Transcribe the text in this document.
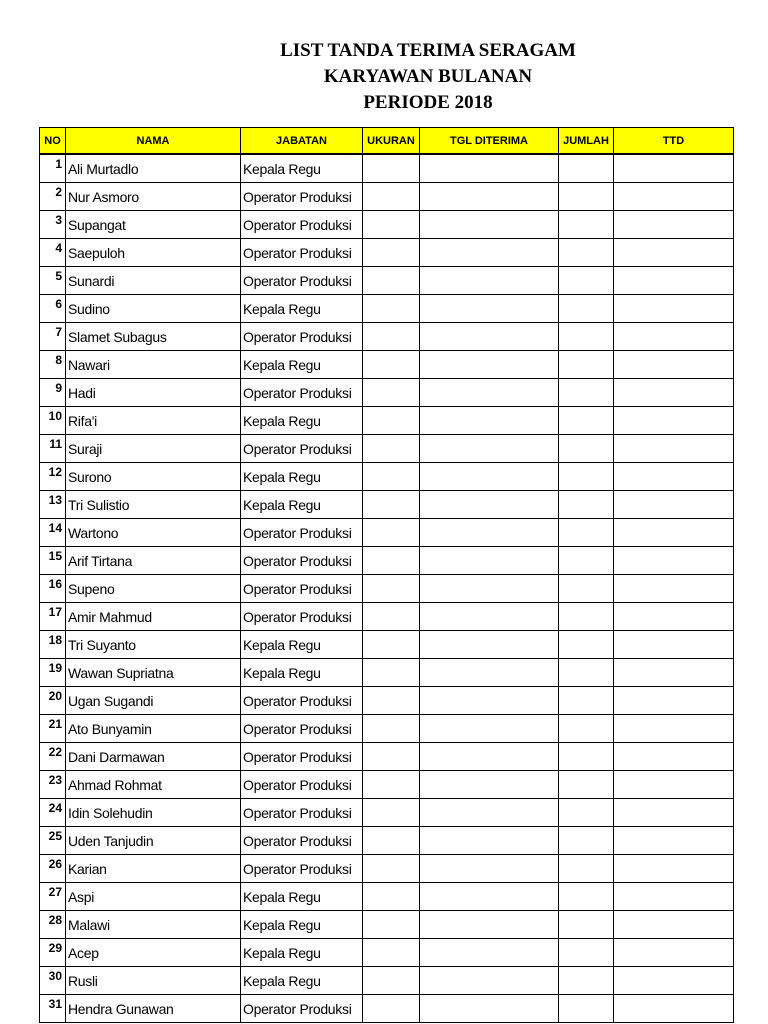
LIST TANDA TERIMA SERAGAM
KARYAWAN BULANAN
PERIODE 2018
NO	NAMA	JABATAN	UKURAN	TGL DITERIMA	JUMLAH	TTD
1	Ali Murtadlo	Kepala Regu				
2	Nur Asmoro	Operator Produksi				
3	Supangat	Operator Produksi				
4	Saepuloh	Operator Produksi				
5	Sunardi	Operator Produksi				
6	Sudino	Kepala Regu				
7	Slamet Subagus	Operator Produksi				
8	Nawari	Kepala Regu				
9	Hadi	Operator Produksi				
10	Rifa'i	Kepala Regu				
11	Suraji	Operator Produksi				
12	Surono	Kepala Regu				
13	Tri Sulistio	Kepala Regu				
14	Wartono	Operator Produksi				
15	Arif Tirtana	Operator Produksi				
16	Supeno	Operator Produksi				
17	Amir Mahmud	Operator Produksi				
18	Tri Suyanto	Kepala Regu				
19	Wawan Supriatna	Kepala Regu				
20	Ugan Sugandi	Operator Produksi				
21	Ato Bunyamin	Operator Produksi				
22	Dani Darmawan	Operator Produksi				
23	Ahmad Rohmat	Operator Produksi				
24	Idin Solehudin	Operator Produksi				
25	Uden Tanjudin	Operator Produksi				
26	Karian	Operator Produksi				
27	Aspi	Kepala Regu				
28	Malawi	Kepala Regu				
29	Acep	Kepala Regu				
30	Rusli	Kepala Regu				
31	Hendra Gunawan	Operator Produksi				
